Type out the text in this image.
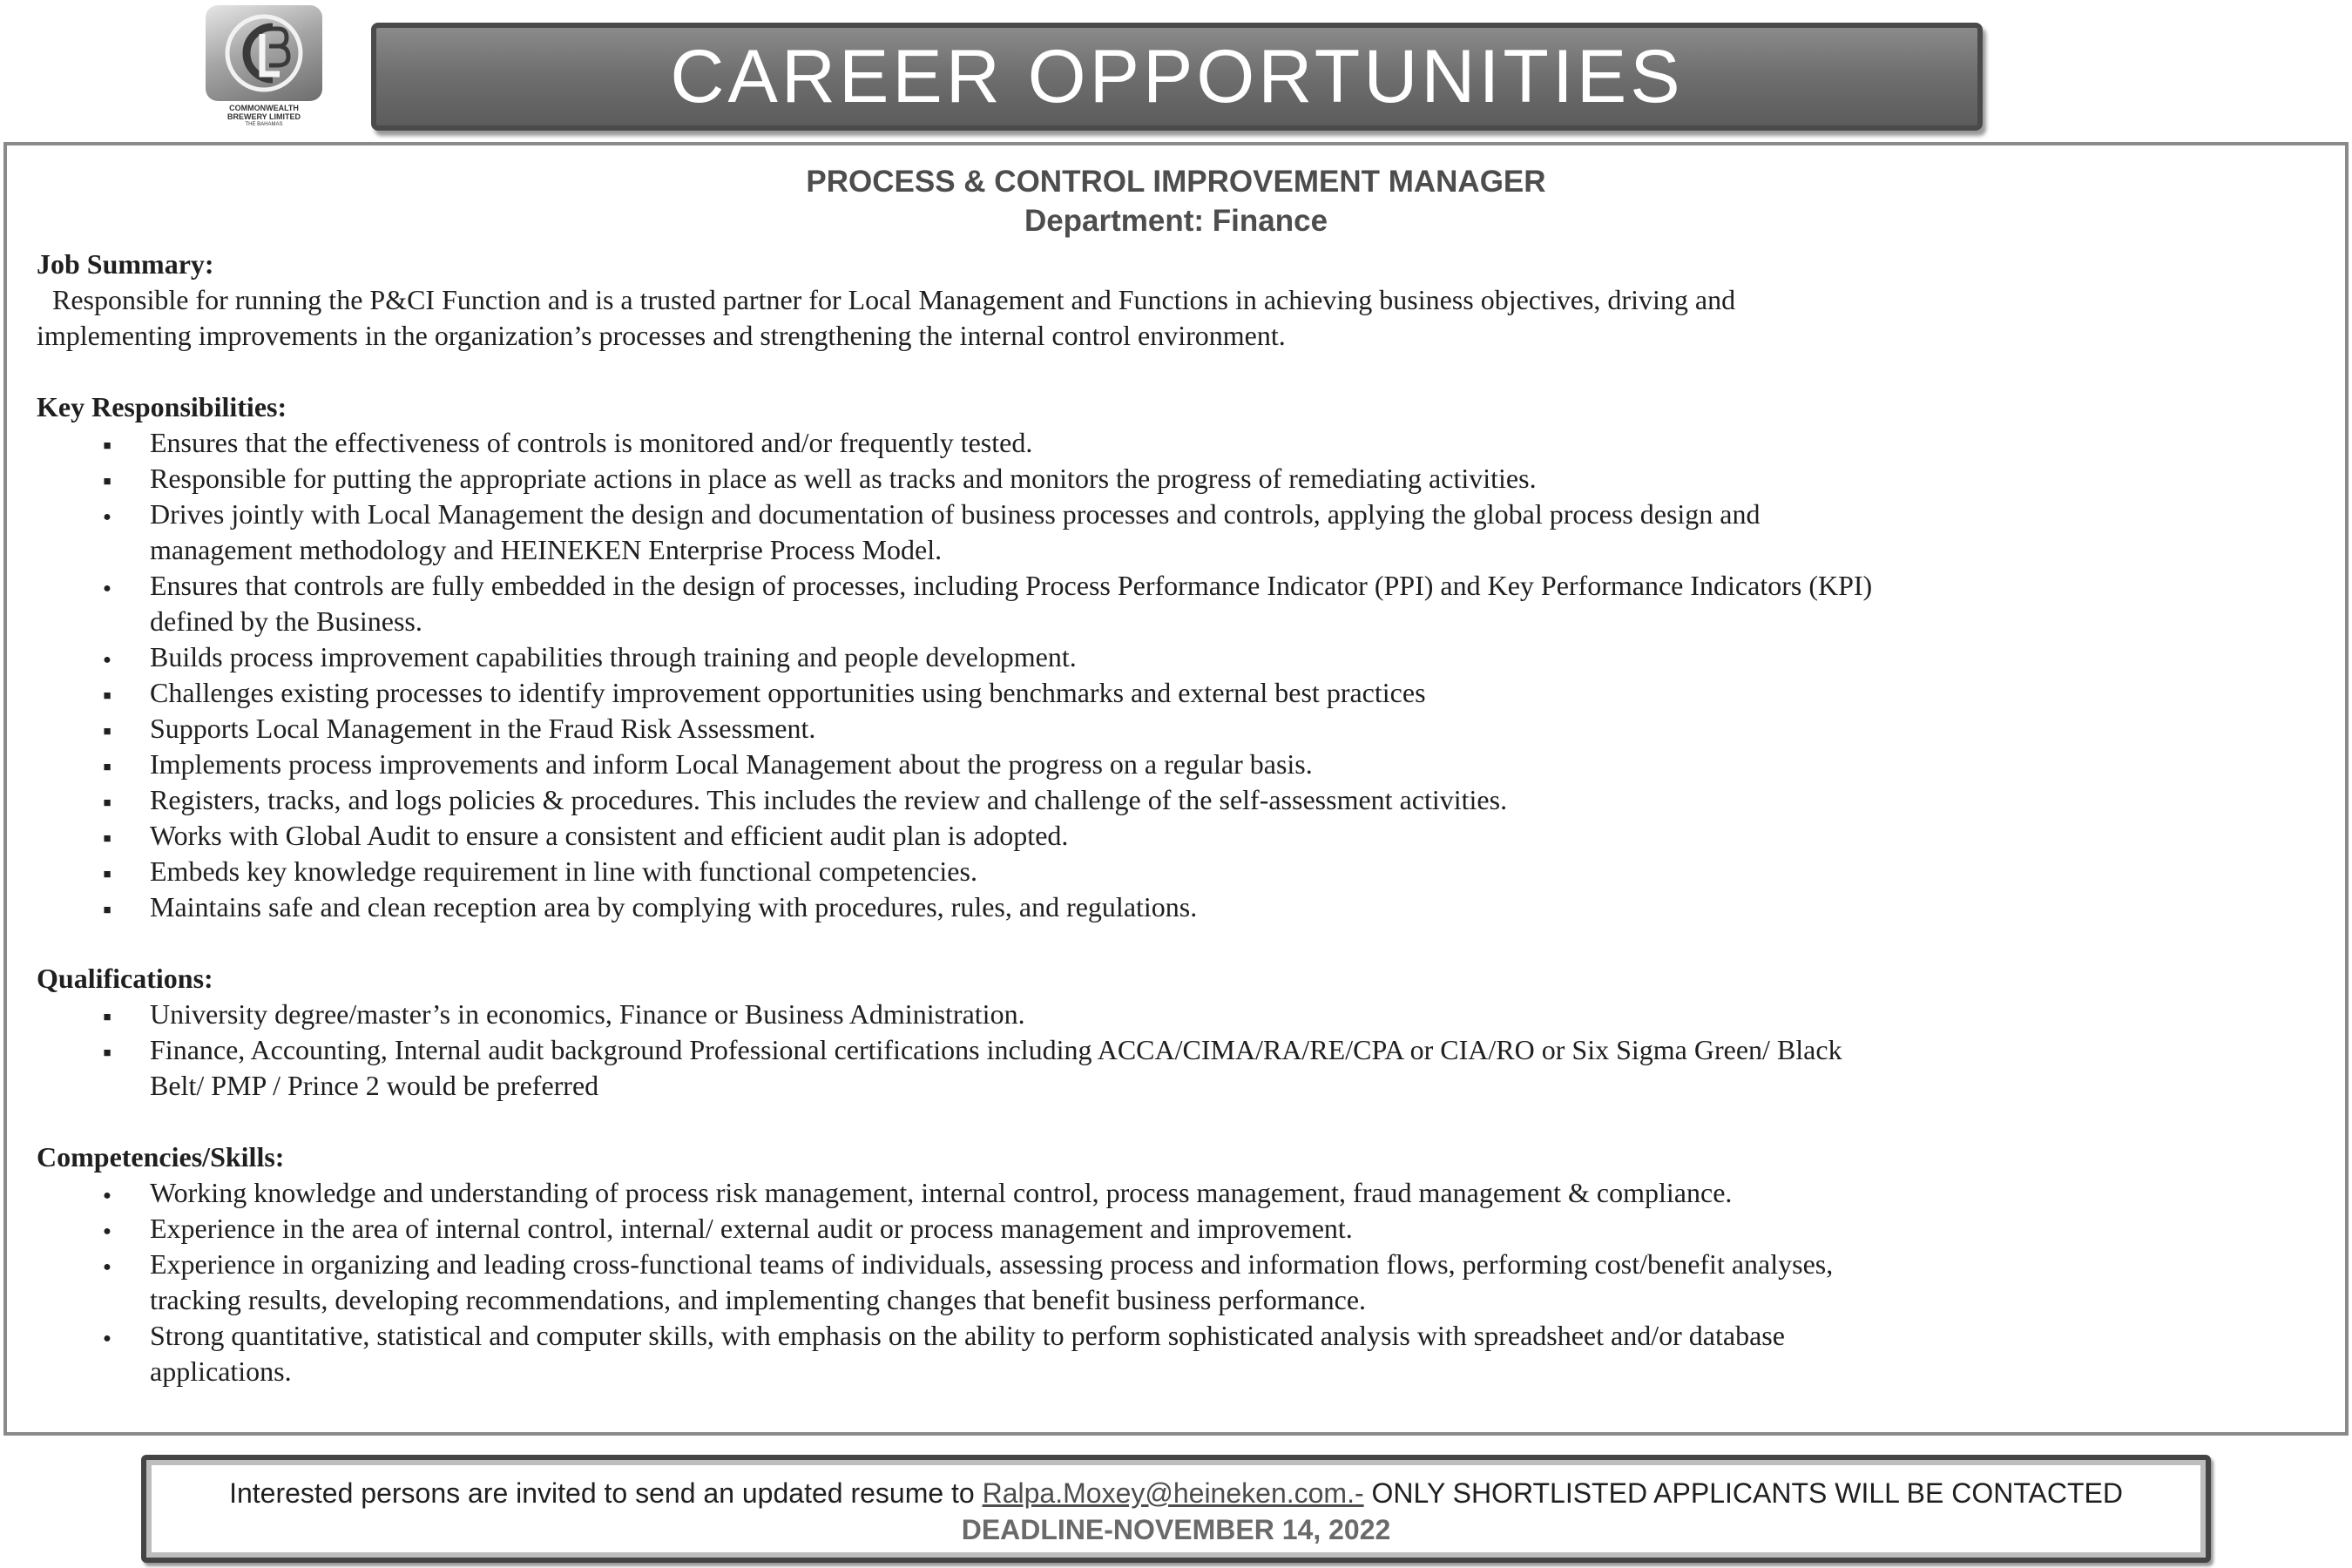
COMMONWEALTH
BREWERY LIMITED
THE BAHAMAS
CAREER OPPORTUNITIES
PROCESS & CONTROL IMPROVEMENT MANAGER
Department: Finance
Job Summary:
Responsible for running the P&CI Function and is a trusted partner for Local Management and Functions in achieving business objectives, driving and
implementing improvements in the organization’s processes and strengthening the internal control environment.
Key Responsibilities:
■
Ensures that the effectiveness of controls is monitored and/or frequently tested.
■
Responsible for putting the appropriate actions in place as well as tracks and monitors the progress of remediating activities.
●
Drives jointly with Local Management the design and documentation of business processes and controls, applying the global process design and
management methodology and HEINEKEN Enterprise Process Model.
●
Ensures that controls are fully embedded in the design of processes, including Process Performance Indicator (PPI) and Key Performance Indicators (KPI)
defined by the Business.
●
Builds process improvement capabilities through training and people development.
■
Challenges existing processes to identify improvement opportunities using benchmarks and external best practices
■
Supports Local Management in the Fraud Risk Assessment.
■
Implements process improvements and inform Local Management about the progress on a regular basis.
■
Registers, tracks, and logs policies & procedures. This includes the review and challenge of the self-assessment activities.
■
Works with Global Audit to ensure a consistent and efficient audit plan is adopted.
■
Embeds key knowledge requirement in line with functional competencies.
■
Maintains safe and clean reception area by complying with procedures, rules, and regulations.
Qualifications:
■
University degree/master’s in economics, Finance or Business Administration.
■
Finance, Accounting, Internal audit background Professional certifications including ACCA/CIMA/RA/RE/CPA or CIA/RO or Six Sigma Green/ Black
Belt/ PMP / Prince 2 would be preferred
Competencies/Skills:
●
Working knowledge and understanding of process risk management, internal control, process management, fraud management & compliance.
●
Experience in the area of internal control, internal/ external audit or process management and improvement.
●
Experience in organizing and leading cross-functional teams of individuals, assessing process and information flows, performing cost/benefit analyses,
tracking results, developing recommendations, and implementing changes that benefit business performance.
●
Strong quantitative, statistical and computer skills, with emphasis on the ability to perform sophisticated analysis with spreadsheet and/or database
applications.
Interested persons are invited to send an updated resume to Ralpa.Moxey@heineken.com.- ONLY SHORTLISTED APPLICANTS WILL BE CONTACTED
DEADLINE-NOVEMBER 14, 2022
